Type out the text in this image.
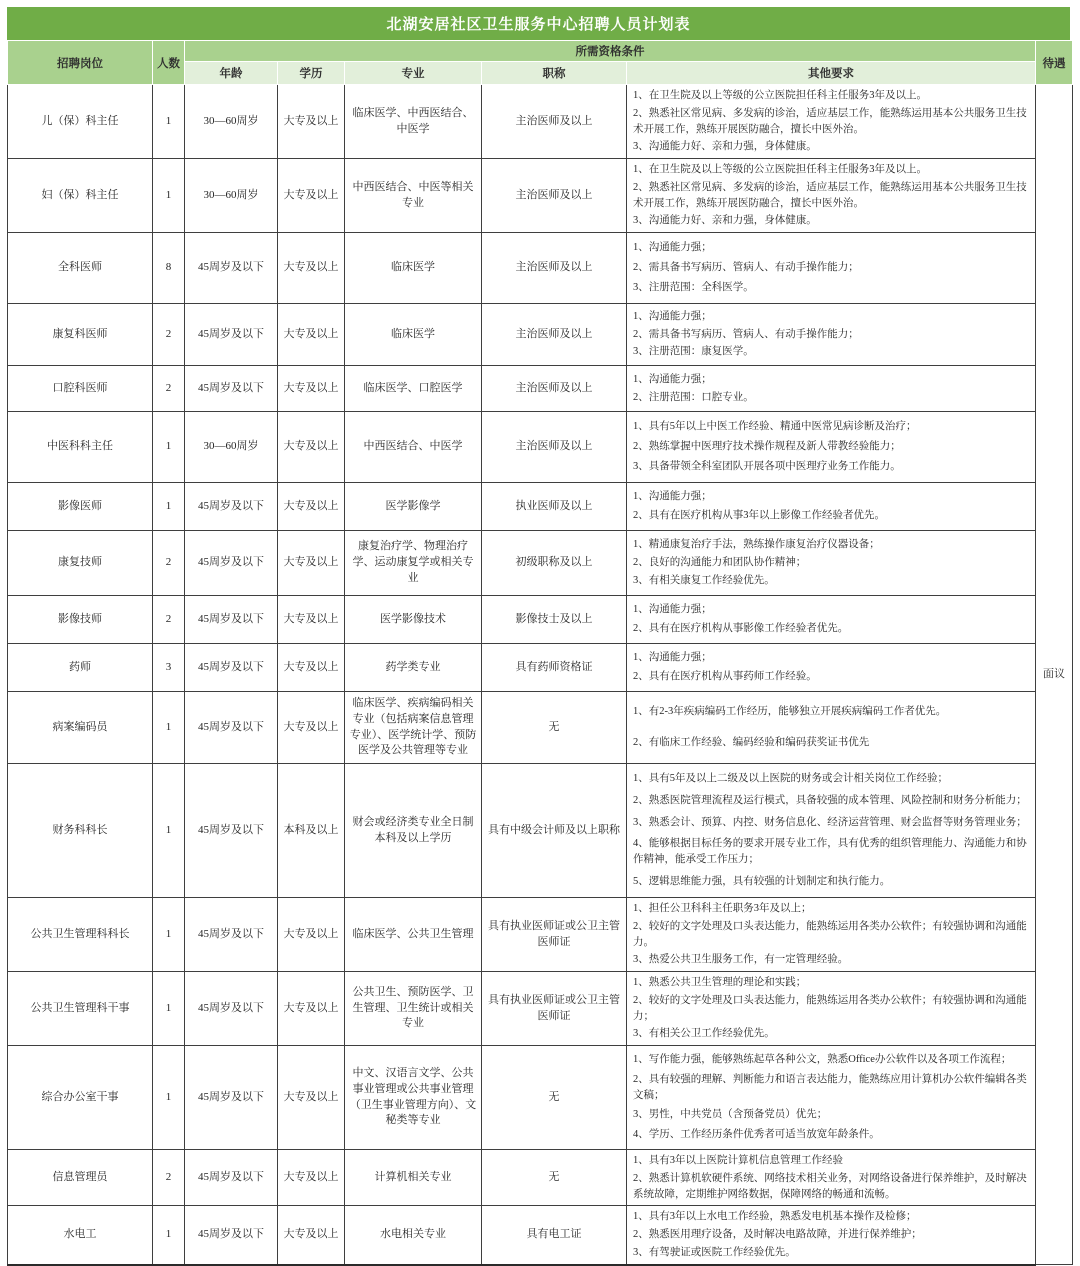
北湖安居社区卫生服务中心招聘人员计划表
招聘岗位	人数	所需资格条件					待遇
		年龄	学历	专业	职称	其他要求	
儿（保）科主任	1	30—60周岁	大专及以上	临床医学、中西医结合、中医学	主治医师及以上	1、在卫生院及以上等级的公立医院担任科主任服务3年及以上。
2、熟悉社区常见病、多发病的诊治，适应基层工作，能熟练运用基本公共服务卫生技术开展工作，熟练开展医防融合，擅长中医外治。
3、沟通能力好、亲和力强，身体健康。	面议
妇（保）科主任	1	30—60周岁	大专及以上	中西医结合、中医等相关专业	主治医师及以上	1、在卫生院及以上等级的公立医院担任科主任服务3年及以上。
2、熟悉社区常见病、多发病的诊治，适应基层工作，能熟练运用基本公共服务卫生技术开展工作，熟练开展医防融合，擅长中医外治。
3、沟通能力好、亲和力强，身体健康。	

全科医师	8	45周岁及以下	大专及以上	临床医学	主治医师及以上	1、沟通能力强；
2、需具备书写病历、管病人、有动手操作能力；
3、注册范围：全科医学。	

康复科医师	2	45周岁及以下	大专及以上	临床医学	主治医师及以上	1、沟通能力强；
2、需具备书写病历、管病人、有动手操作能力；
3、注册范围：康复医学。	

口腔科医师	2	45周岁及以下	大专及以上	临床医学、口腔医学	主治医师及以上	1、沟通能力强；
2、注册范围：口腔专业。	

中医科科主任	1	30—60周岁	大专及以上	中西医结合、中医学	主治医师及以上	1、具有5年以上中医工作经验、精通中医常见病诊断及治疗；
2、熟练掌握中医理疗技术操作规程及新人带教经验能力；
3、具备带领全科室团队开展各项中医理疗业务工作能力。	

影像医师	1	45周岁及以下	大专及以上	医学影像学	执业医师及以上	1、沟通能力强；
2、具有在医疗机构从事3年以上影像工作经验者优先。	

康复技师	2	45周岁及以下	大专及以上	康复治疗学、物理治疗学、运动康复学或相关专业	初级职称及以上	1、精通康复治疗手法，熟练操作康复治疗仪器设备；
2、良好的沟通能力和团队协作精神；
3、有相关康复工作经验优先。	

影像技师	2	45周岁及以下	大专及以上	医学影像技术	影像技士及以上	1、沟通能力强；
2、具有在医疗机构从事影像工作经验者优先。	

药师	3	45周岁及以下	大专及以上	药学类专业	具有药师资格证	1、沟通能力强；
2、具有在医疗机构从事药师工作经验。	

病案编码员	1	45周岁及以下	大专及以上	临床医学、疾病编码相关专业（包括病案信息管理专业）、医学统计学、预防医学及公共管理等专业	无	1、有2-3年疾病编码工作经历，能够独立开展疾病编码工作者优先。
2、有临床工作经验、编码经验和编码获奖证书优先	

财务科科长	1	45周岁及以下	本科及以上	财会或经济类专业全日制本科及以上学历	具有中级会计师及以上职称	1、具有5年及以上二级及以上医院的财务或会计相关岗位工作经验；
2、熟悉医院管理流程及运行模式，具备较强的成本管理、风险控制和财务分析能力；
3、熟悉会计、预算、内控、财务信息化、经济运营管理、财会监督等财务管理业务；
4、能够根据目标任务的要求开展专业工作，具有优秀的组织管理能力、沟通能力和协作精神，能承受工作压力；
5、逻辑思维能力强，具有较强的计划制定和执行能力。	

公共卫生管理科科长	1	45周岁及以下	大专及以上	临床医学、公共卫生管理	具有执业医师证或公卫主管医师证	1、担任公卫科科主任职务3年及以上；
2、较好的文字处理及口头表达能力，能熟练运用各类办公软件；有较强协调和沟通能力。
3、热爱公共卫生服务工作，有一定管理经验。	

公共卫生管理科干事	1	45周岁及以下	大专及以上	公共卫生、预防医学、卫生管理、卫生统计或相关专业	具有执业医师证或公卫主管医师证	1、熟悉公共卫生管理的理论和实践；
2、较好的文字处理及口头表达能力，能熟练运用各类办公软件；有较强协调和沟通能力；
3、有相关公卫工作经验优先。	

综合办公室干事	1	45周岁及以下	大专及以上	中文、汉语言文学、公共事业管理或公共事业管理（卫生事业管理方向）、文秘类等专业	无	1、写作能力强，能够熟练起草各种公文，熟悉Office办公软件以及各项工作流程；
2、具有较强的理解、判断能力和语言表达能力，能熟练应用计算机办公软件编辑各类文稿；
3、男性，中共党员（含预备党员）优先；
4、学历、工作经历条件优秀者可适当放宽年龄条件。	

信息管理员	2	45周岁及以下	大专及以上	计算机相关专业	无	1、具有3年以上医院计算机信息管理工作经验
2、熟悉计算机软硬件系统、网络技术相关业务，对网络设备进行保养维护，及时解决系统故障，定期维护网络数据，保障网络的畅通和流畅。	

水电工	1	45周岁及以下	大专及以上	水电相关专业	具有电工证	1、具有3年以上水电工作经验，熟悉发电机基本操作及检修；
2、熟悉医用理疗设备，及时解决电路故障，并进行保养维护；
3、有驾驶证或医院工作经验优先。	
